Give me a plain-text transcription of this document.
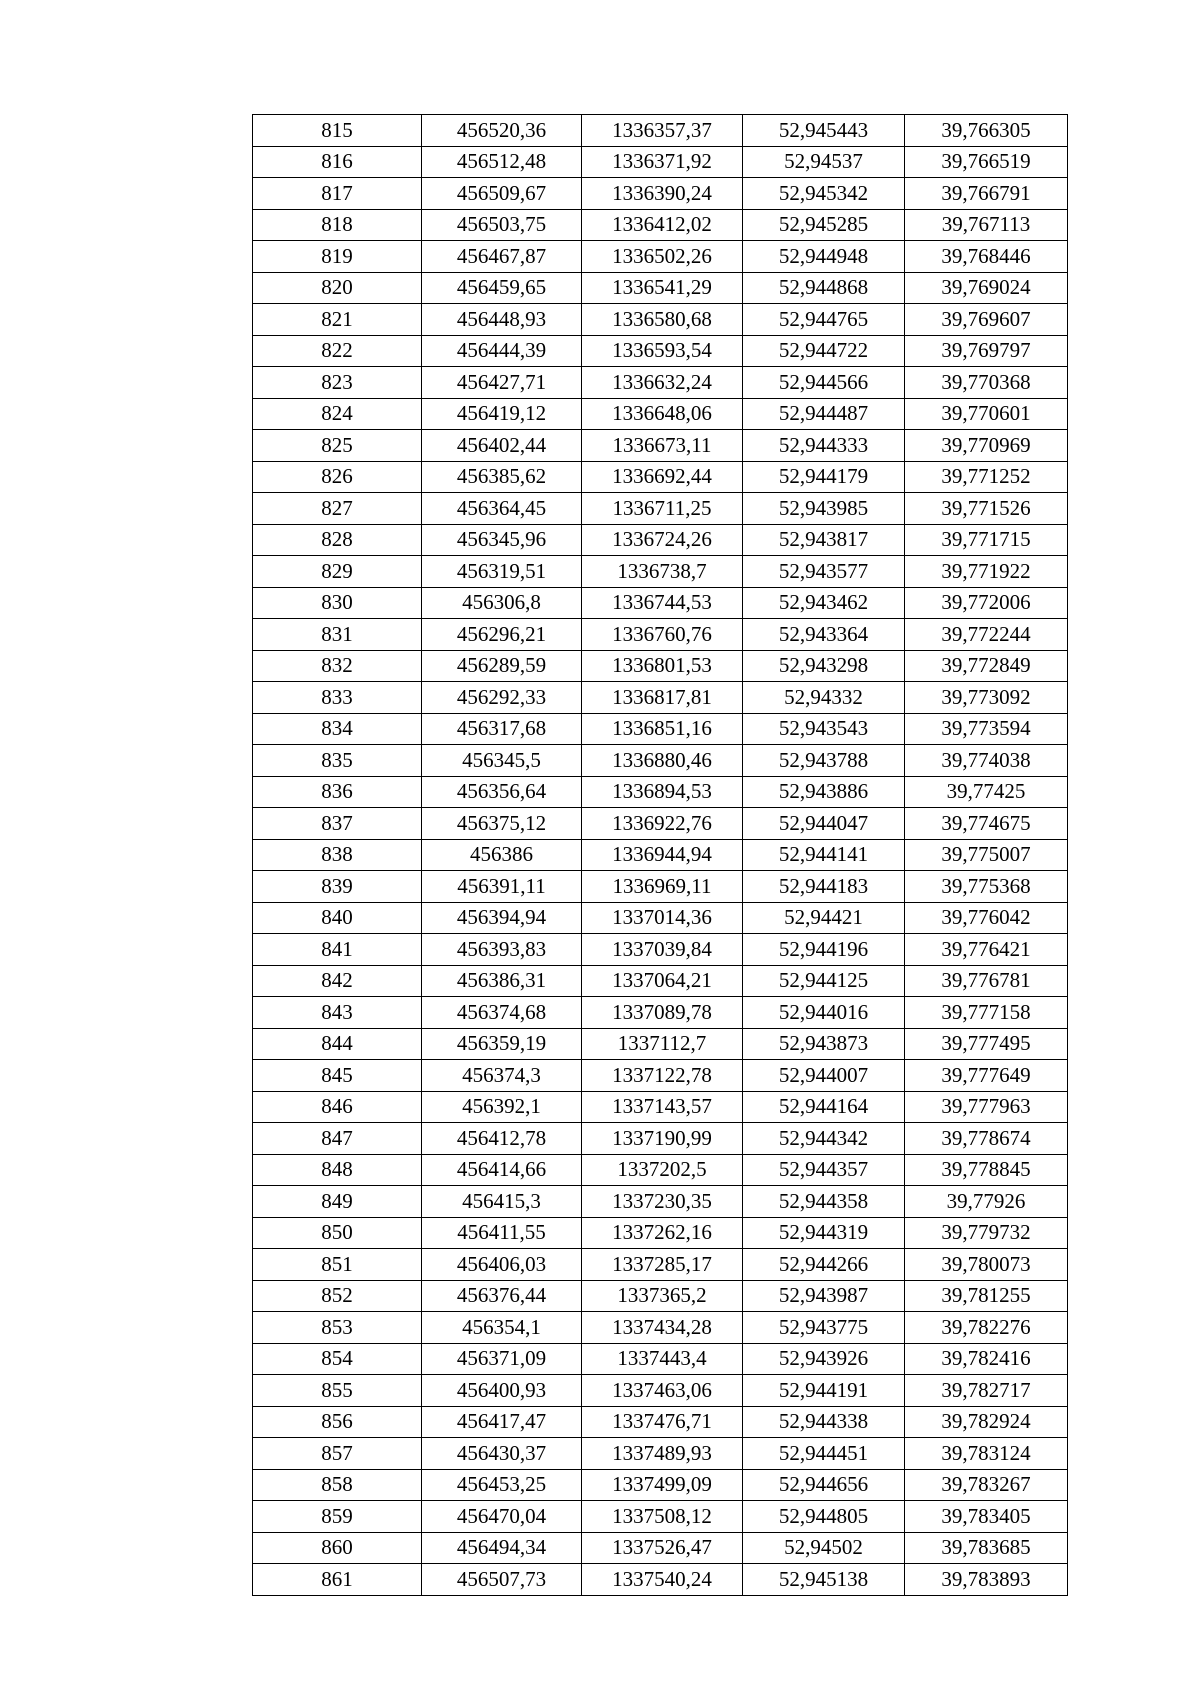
815	456520,36	1336357,37	52,945443	39,766305
816	456512,48	1336371,92	52,94537	39,766519
817	456509,67	1336390,24	52,945342	39,766791
818	456503,75	1336412,02	52,945285	39,767113
819	456467,87	1336502,26	52,944948	39,768446
820	456459,65	1336541,29	52,944868	39,769024
821	456448,93	1336580,68	52,944765	39,769607
822	456444,39	1336593,54	52,944722	39,769797
823	456427,71	1336632,24	52,944566	39,770368
824	456419,12	1336648,06	52,944487	39,770601
825	456402,44	1336673,11	52,944333	39,770969
826	456385,62	1336692,44	52,944179	39,771252
827	456364,45	1336711,25	52,943985	39,771526
828	456345,96	1336724,26	52,943817	39,771715
829	456319,51	1336738,7	52,943577	39,771922
830	456306,8	1336744,53	52,943462	39,772006
831	456296,21	1336760,76	52,943364	39,772244
832	456289,59	1336801,53	52,943298	39,772849
833	456292,33	1336817,81	52,94332	39,773092
834	456317,68	1336851,16	52,943543	39,773594
835	456345,5	1336880,46	52,943788	39,774038
836	456356,64	1336894,53	52,943886	39,77425
837	456375,12	1336922,76	52,944047	39,774675
838	456386	1336944,94	52,944141	39,775007
839	456391,11	1336969,11	52,944183	39,775368
840	456394,94	1337014,36	52,94421	39,776042
841	456393,83	1337039,84	52,944196	39,776421
842	456386,31	1337064,21	52,944125	39,776781
843	456374,68	1337089,78	52,944016	39,777158
844	456359,19	1337112,7	52,943873	39,777495
845	456374,3	1337122,78	52,944007	39,777649
846	456392,1	1337143,57	52,944164	39,777963
847	456412,78	1337190,99	52,944342	39,778674
848	456414,66	1337202,5	52,944357	39,778845
849	456415,3	1337230,35	52,944358	39,77926
850	456411,55	1337262,16	52,944319	39,779732
851	456406,03	1337285,17	52,944266	39,780073
852	456376,44	1337365,2	52,943987	39,781255
853	456354,1	1337434,28	52,943775	39,782276
854	456371,09	1337443,4	52,943926	39,782416
855	456400,93	1337463,06	52,944191	39,782717
856	456417,47	1337476,71	52,944338	39,782924
857	456430,37	1337489,93	52,944451	39,783124
858	456453,25	1337499,09	52,944656	39,783267
859	456470,04	1337508,12	52,944805	39,783405
860	456494,34	1337526,47	52,94502	39,783685
861	456507,73	1337540,24	52,945138	39,783893
